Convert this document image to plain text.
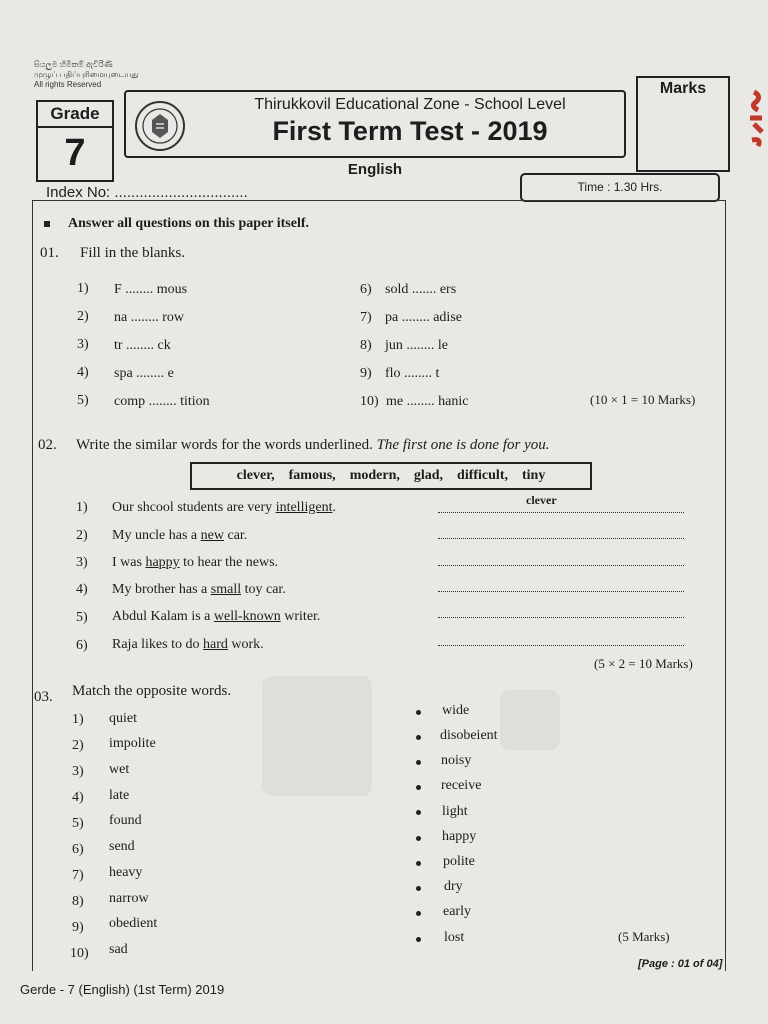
සියලුම හිමිකම් ඇවිරිණි
முழுப் பதிப்புரிமையுடையது
All rights Reserved
Grade
7
Thirukkovil Educational Zone - School Level
First Term Test - 2019
Marks
English
Index No: ................................	Time : 1.30 Hrs.
Answer all questions on this paper itself.
01. Fill in the blanks.
1) F ........ mous
2) na ........ row
3) tr ........ ck
4) spa ........ e
5) comp ........ tition
6) sold ....... ers
7) pa ........ adise
8) jun ........ le
9) flo ........ t
10) me ........ hanic	(10 × 1 = 10 Marks)
02. Write the similar words for the words underlined. The first one is done for you.
clever, famous, modern, glad, difficult, tiny
1) Our shcool students are very intelligent.	clever
2) My uncle has a new car.
3) I was happy to hear the news.
4) My brother has a small toy car.
5) Abdul Kalam is a well-known writer.
6) Raja likes to do hard work.
(5 × 2 = 10 Marks)
03. Match the opposite words.
1) quiet
2) impolite
3) wet
4) late
5) found
6) send
7) heavy
8) narrow
9) obedient
10) sad
wide
disobeient
noisy
receive
light
happy
polite
dry
early
lost	(5 Marks)
Gerde - 7 (English) (1st Term) 2019
[Page : 01 of 04]
